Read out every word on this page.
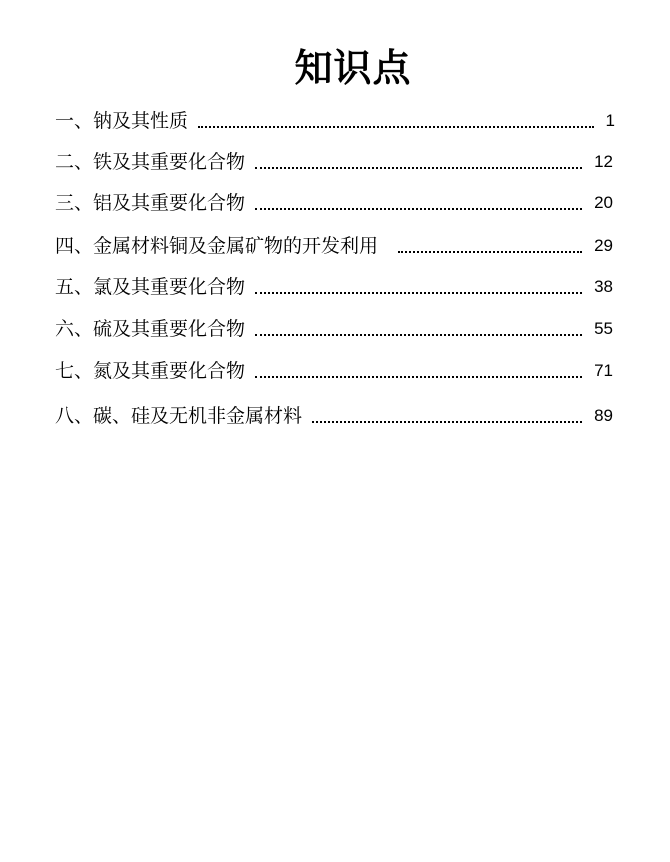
知识点
一、钠及其性质	1
二、铁及其重要化合物	12
三、铝及其重要化合物	20
四、金属材料铜及金属矿物的开发利用	29
五、氯及其重要化合物	38
六、硫及其重要化合物	55
七、氮及其重要化合物	71
八、碳、硅及无机非金属材料	89
